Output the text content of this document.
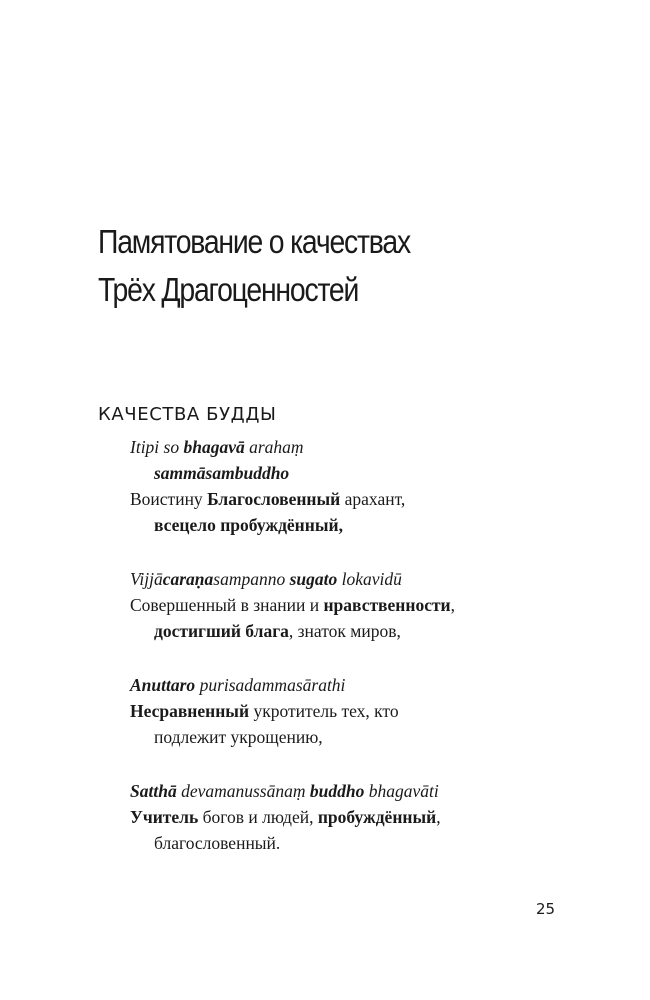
Памятование о качествах
Трёх Драгоценностей
КАЧЕСТВА БУДДЫ
Itipi so bhagavā arahaṃ
sammāsambuddho
Воистину Благословенный арахант,
всецело пробуждённый,
Vijjācaraṇasampanno sugato lokavidū
Совершенный в знании и нравственности,
достигший блага, знаток миров,
Anuttaro purisadammasārathi
Несравненный укротитель тех, кто
подлежит укрощению,
Satthā devamanussānaṃ buddho bhagavāti
Учитель богов и людей, пробуждённый,
благословенный.
25
